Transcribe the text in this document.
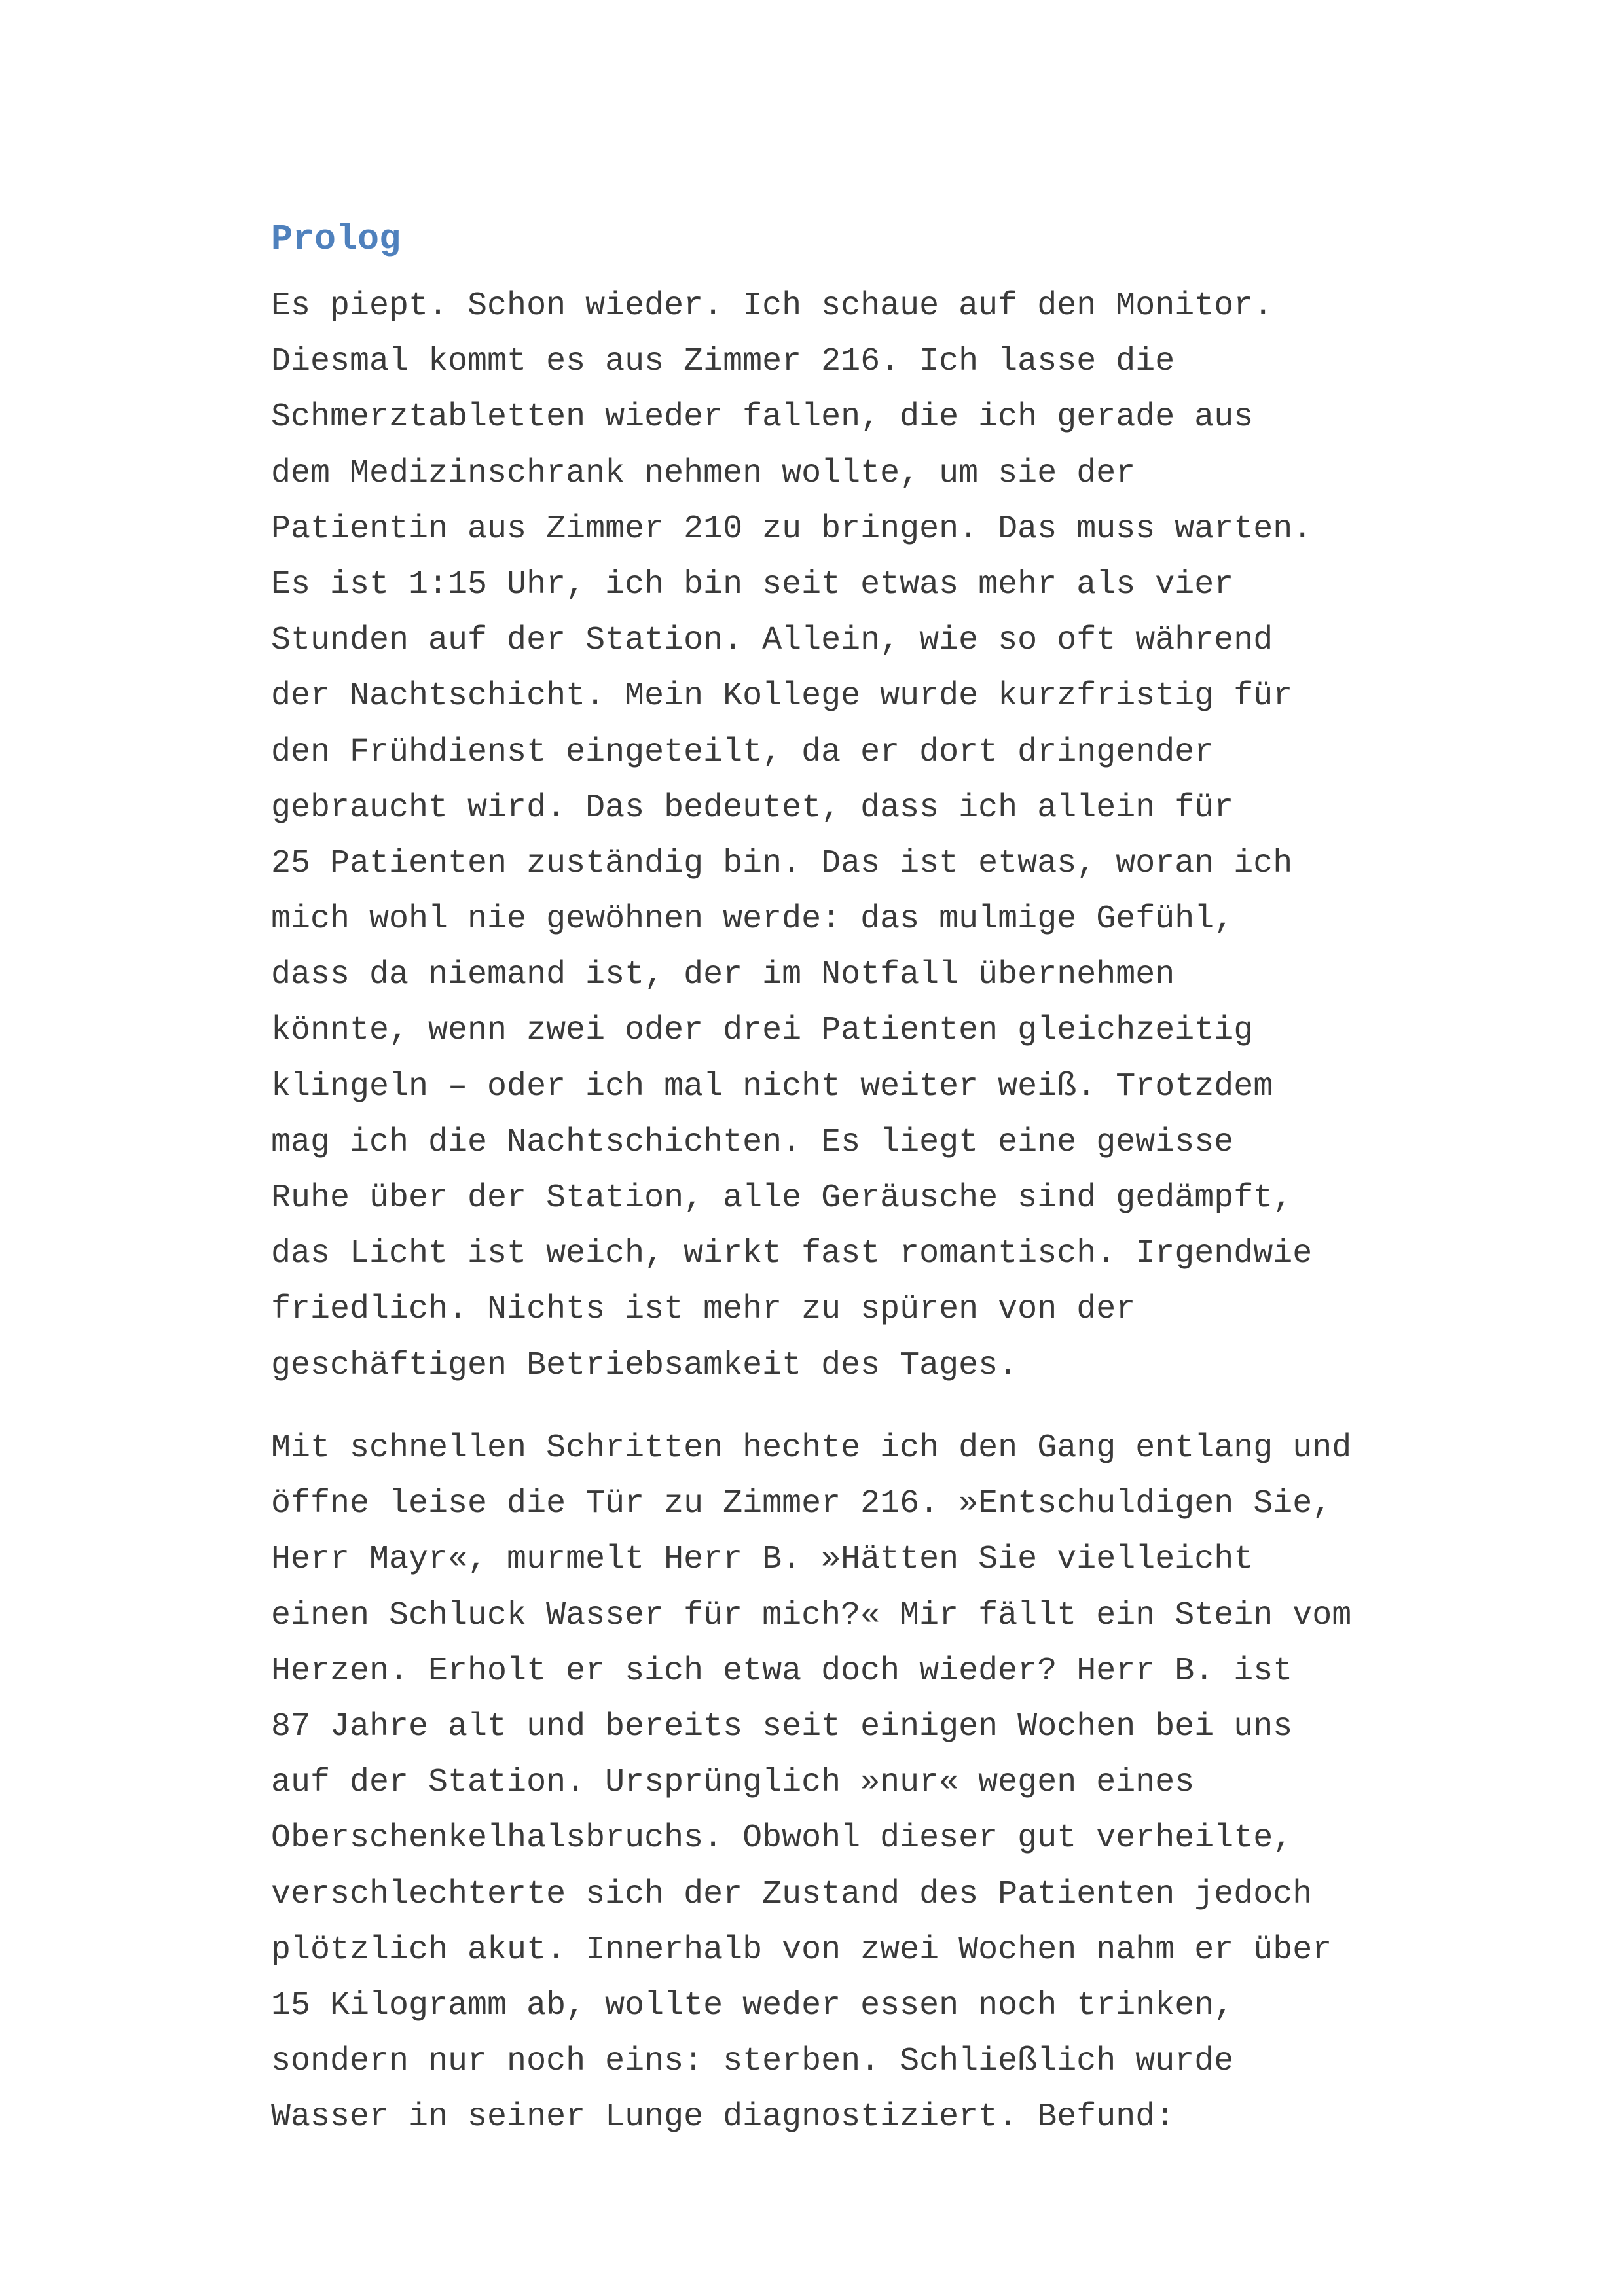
Prolog
Es piept. Schon wieder. Ich schaue auf den Monitor.
Diesmal kommt es aus Zimmer 216. Ich lasse die
Schmerztabletten wieder fallen, die ich gerade aus
dem Medizinschrank nehmen wollte, um sie der
Patientin aus Zimmer 210 zu bringen. Das muss warten.
Es ist 1:15 Uhr, ich bin seit etwas mehr als vier
Stunden auf der Station. Allein, wie so oft während
der Nachtschicht. Mein Kollege wurde kurzfristig für
den Frühdienst eingeteilt, da er dort dringender
gebraucht wird. Das bedeutet, dass ich allein für
25 Patienten zuständig bin. Das ist etwas, woran ich
mich wohl nie gewöhnen werde: das mulmige Gefühl,
dass da niemand ist, der im Notfall übernehmen
könnte, wenn zwei oder drei Patienten gleichzeitig
klingeln – oder ich mal nicht weiter weiß. Trotzdem
mag ich die Nachtschichten. Es liegt eine gewisse
Ruhe über der Station, alle Geräusche sind gedämpft,
das Licht ist weich, wirkt fast romantisch. Irgendwie
friedlich. Nichts ist mehr zu spüren von der
geschäftigen Betriebsamkeit des Tages.
Mit schnellen Schritten hechte ich den Gang entlang und
öffne leise die Tür zu Zimmer 216. »Entschuldigen Sie,
Herr Mayr«, murmelt Herr B. »Hätten Sie vielleicht
einen Schluck Wasser für mich?« Mir fällt ein Stein vom
Herzen. Erholt er sich etwa doch wieder? Herr B. ist
87 Jahre alt und bereits seit einigen Wochen bei uns
auf der Station. Ursprünglich »nur« wegen eines
Oberschenkelhalsbruchs. Obwohl dieser gut verheilte,
verschlechterte sich der Zustand des Patienten jedoch
plötzlich akut. Innerhalb von zwei Wochen nahm er über
15 Kilogramm ab, wollte weder essen noch trinken,
sondern nur noch eins: sterben. Schließlich wurde
Wasser in seiner Lunge diagnostiziert. Befund:
